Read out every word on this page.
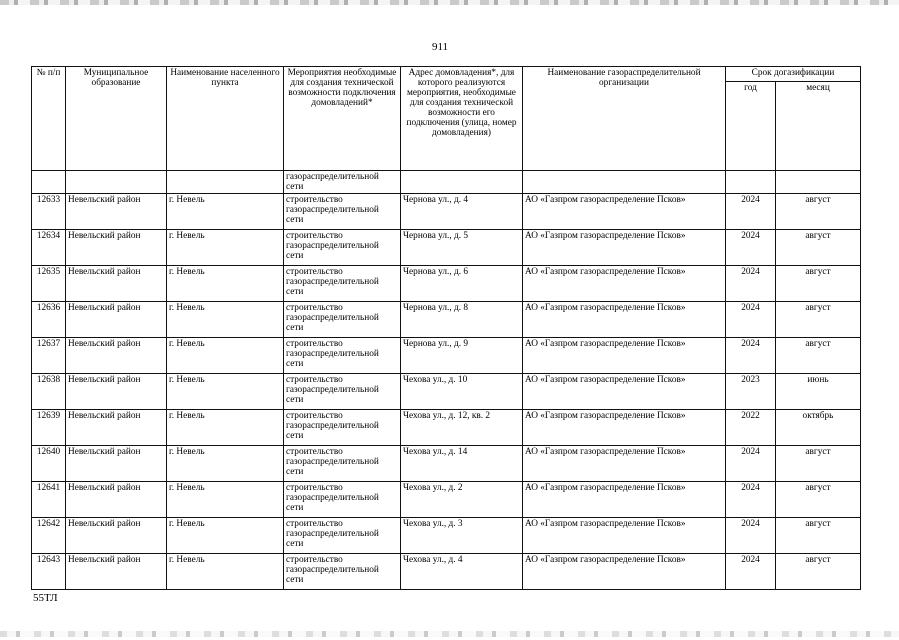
911
№ п/п	Муниципальное образование	Наименование населенного пункта	Мероприятия необходимые для создания технической возможности подключения домовладений*	Адрес домовладения*, для которого реализуются мероприятия, необходимые для создания технической возможности его подключения (улица, номер домовладения)	Наименование газораспределительной организации	Срок догазификации	
						год	месяц
			газораспределительной сети				
12633	Невельский район	г. Невель	строительство газораспределительной сети	Чернова ул., д. 4	АО «Газпром газораспределение Псков»	2024	август
12634	Невельский район	г. Невель	строительство газораспределительной сети	Чернова ул., д. 5	АО «Газпром газораспределение Псков»	2024	август
12635	Невельский район	г. Невель	строительство газораспределительной сети	Чернова ул., д. 6	АО «Газпром газораспределение Псков»	2024	август
12636	Невельский район	г. Невель	строительство газораспределительной сети	Чернова ул., д. 8	АО «Газпром газораспределение Псков»	2024	август
12637	Невельский район	г. Невель	строительство газораспределительной сети	Чернова ул., д. 9	АО «Газпром газораспределение Псков»	2024	август
12638	Невельский район	г. Невель	строительство газораспределительной сети	Чехова ул., д. 10	АО «Газпром газораспределение Псков»	2023	июнь
12639	Невельский район	г. Невель	строительство газораспределительной сети	Чехова ул., д. 12, кв. 2	АО «Газпром газораспределение Псков»	2022	октябрь
12640	Невельский район	г. Невель	строительство газораспределительной сети	Чехова ул., д. 14	АО «Газпром газораспределение Псков»	2024	август
12641	Невельский район	г. Невель	строительство газораспределительной сети	Чехова ул., д. 2	АО «Газпром газораспределение Псков»	2024	август
12642	Невельский район	г. Невель	строительство газораспределительной сети	Чехова ул., д. 3	АО «Газпром газораспределение Псков»	2024	август
12643	Невельский район	г. Невель	строительство газораспределительной сети	Чехова ул., д. 4	АО «Газпром газораспределение Псков»	2024	август
55ТЛ
